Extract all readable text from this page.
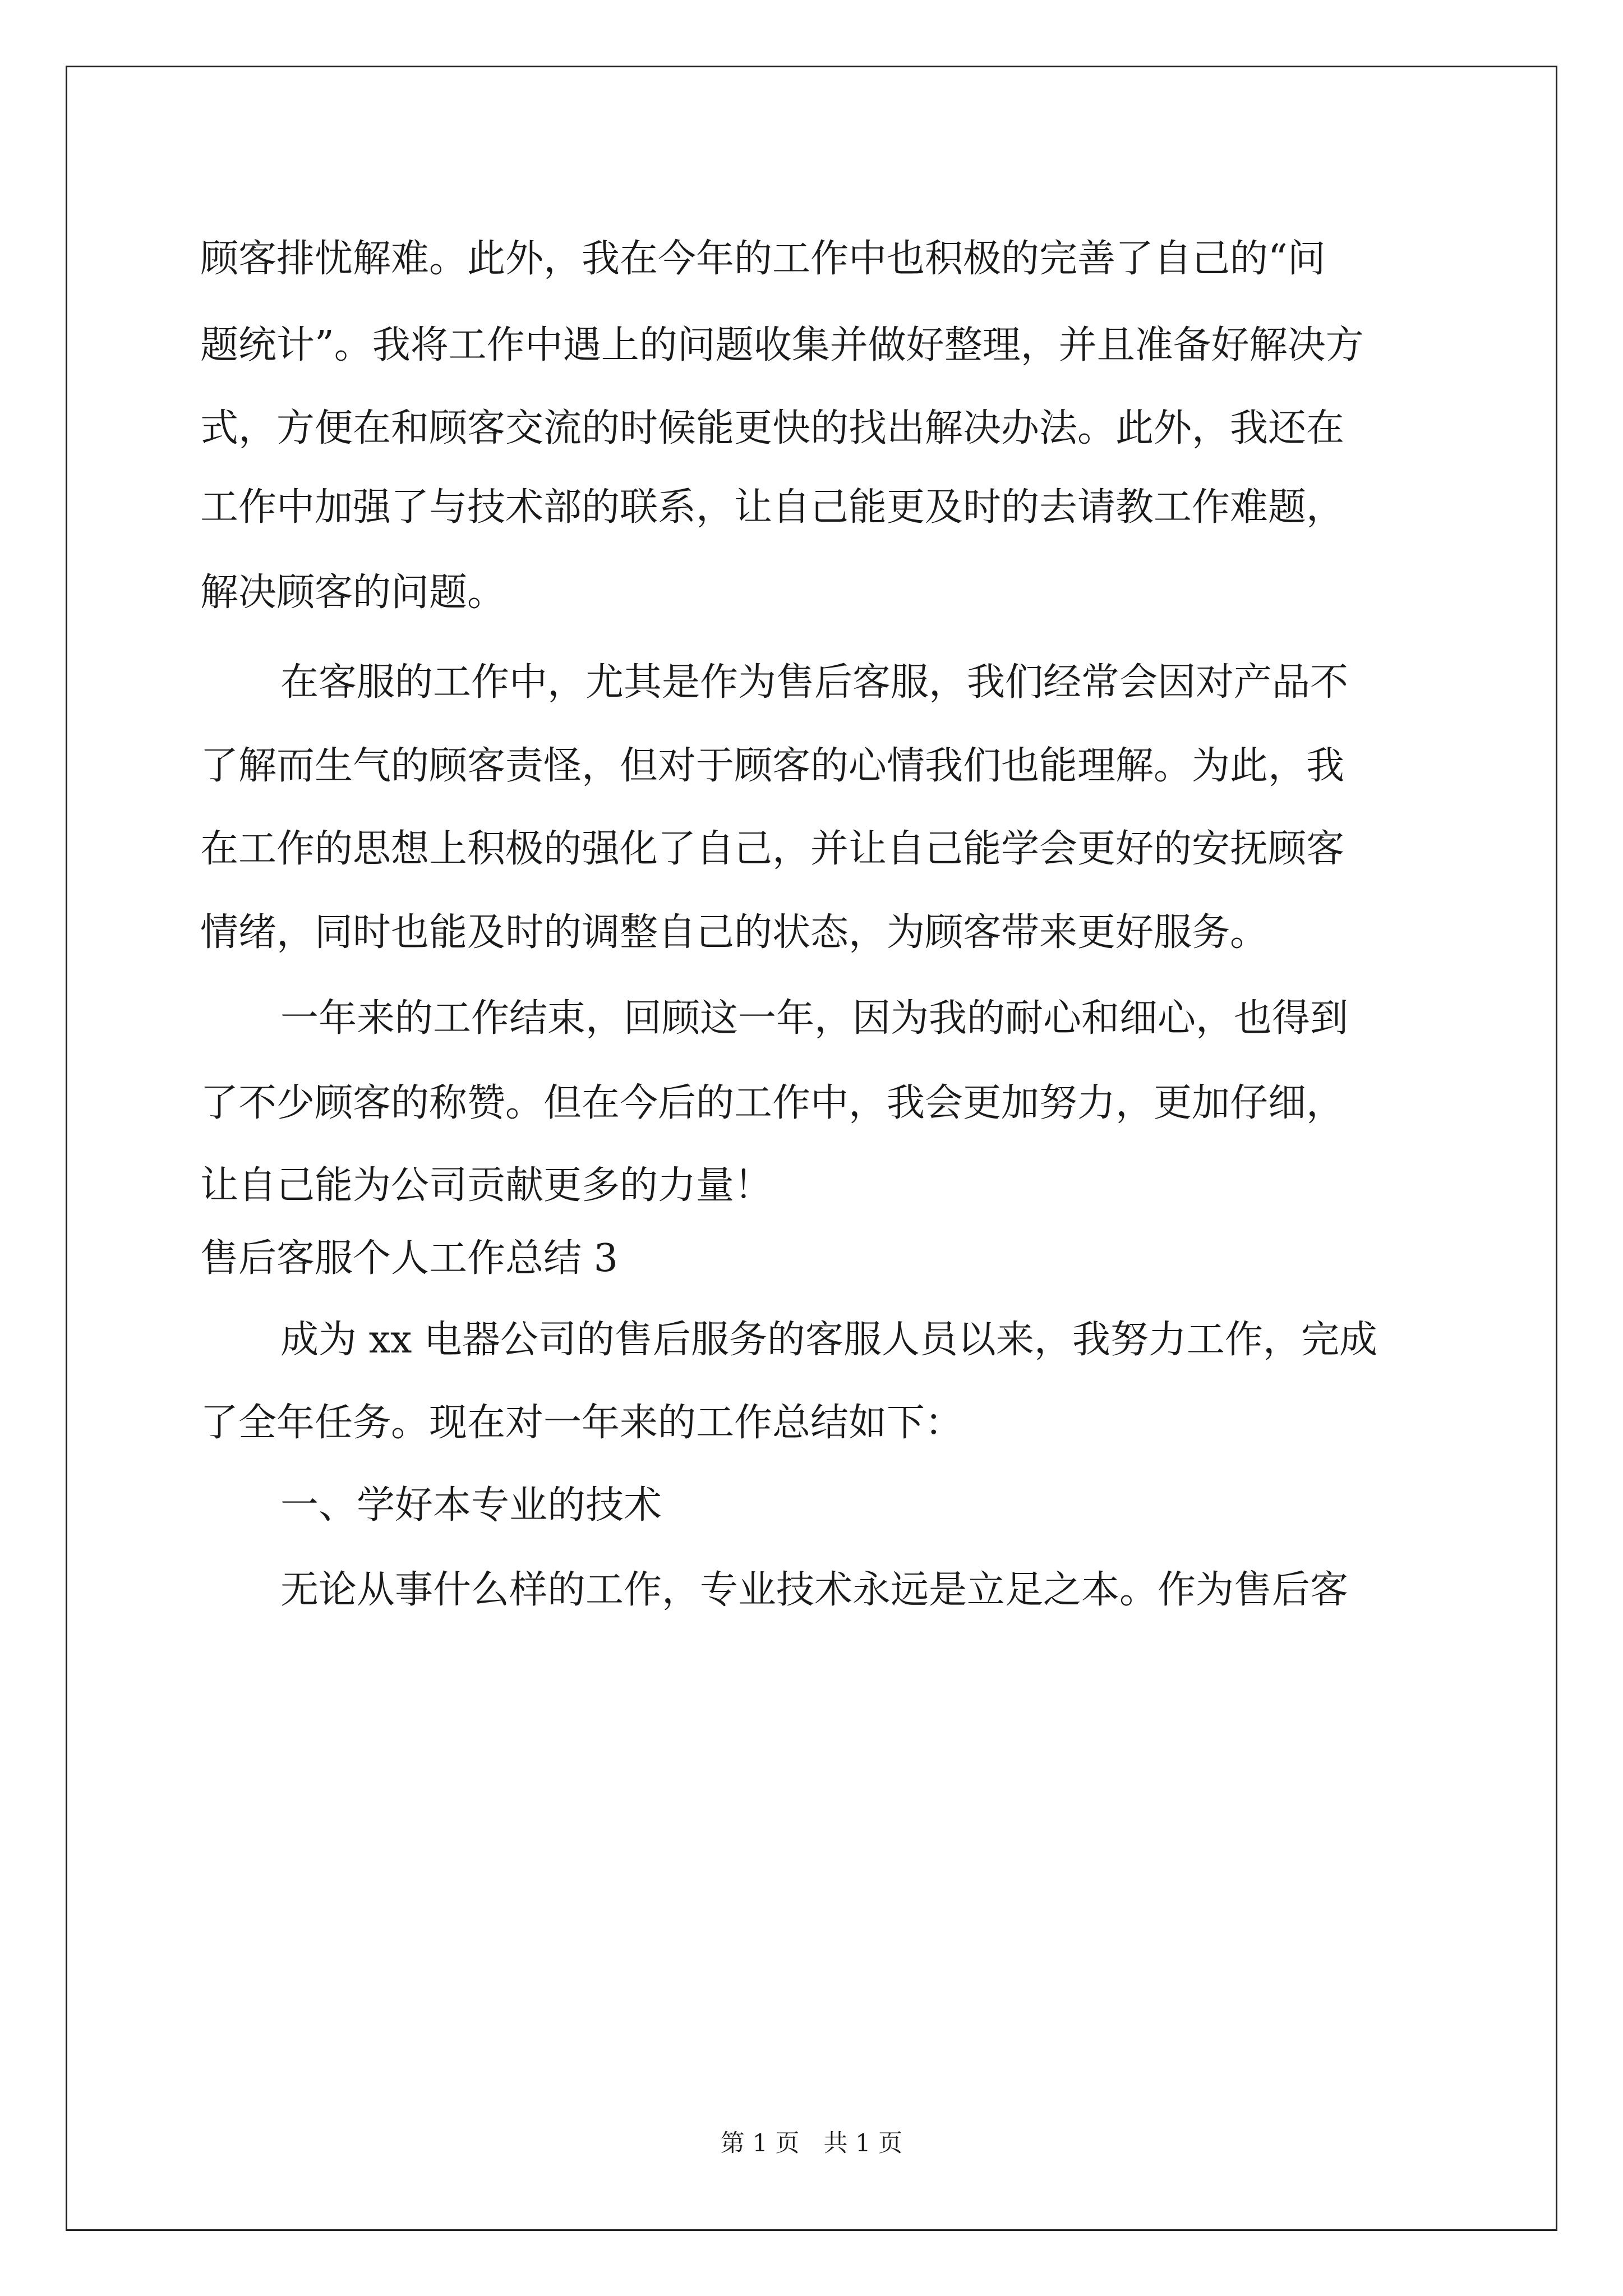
顾客排忧解难。此外，我在今年的工作中也积极的完善了自己的“问

题统计”。我将工作中遇上的问题收集并做好整理，并且准备好解决方

式，方便在和顾客交流的时候能更快的找出解决办法。此外，我还在

工作中加强了与技术部的联系，让自己能更及时的去请教工作难题，

解决顾客的问题。

在客服的工作中，尤其是作为售后客服，我们经常会因对产品不

了解而生气的顾客责怪，但对于顾客的心情我们也能理解。为此，我

在工作的思想上积极的强化了自己，并让自己能学会更好的安抚顾客

情绪，同时也能及时的调整自己的状态，为顾客带来更好服务。

一年来的工作结束，回顾这一年，因为我的耐心和细心，也得到

了不少顾客的称赞。但在今后的工作中，我会更加努力，更加仔细，

让自己能为公司贡献更多的力量！

售后客服个人工作总结 3

成为 xx 电器公司的售后服务的客服人员以来，我努力工作，完成

了全年任务。现在对一年来的工作总结如下：

一、学好本专业的技术

无论从事什么样的工作，专业技术永远是立足之本。作为售后客

第 1 页　共 1 页
